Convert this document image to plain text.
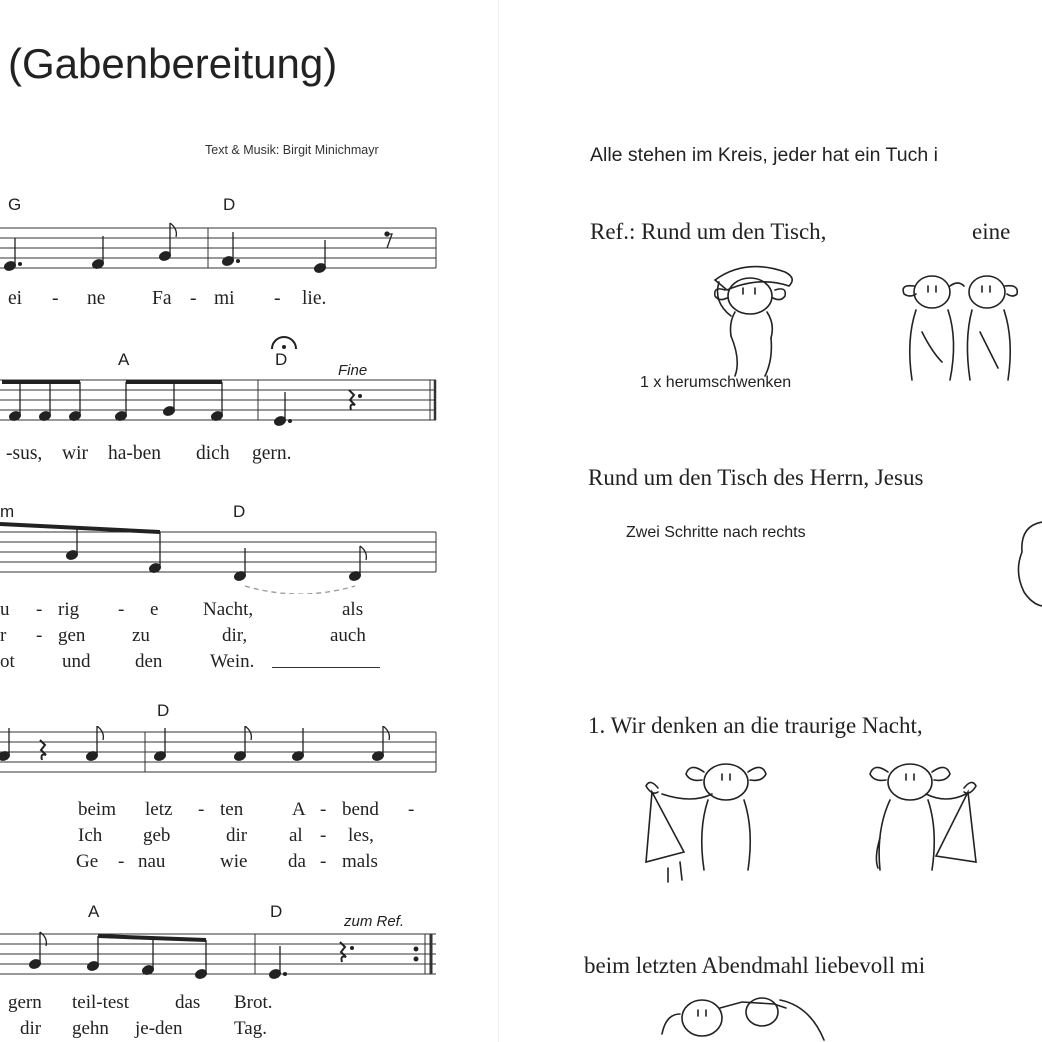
(Gabenbereitung)
Text & Musik: Birgit Minichmayr
G	D
ei - ne Fa - mi - lie.
A	D
Fine
-sus, wir ha-ben dich gern.
m	D
u - rig - e Nacht,	als
r - gen zu	dir,	auch
ot und den	Wein.
D
beim letz - ten	A - bend -
Ich geb	dir al - les,
Ge - nau	wie da - mals
A	D
zum Ref.
gern teil-test das Brot.
dir gehn je-den	Tag.
Alle stehen im Kreis, jeder hat ein Tuch i
Ref.: Rund um den Tisch,	eine
1 x herumschwenken
Rund um den Tisch des Herrn, Jesus
Zwei Schritte nach rechts
1. Wir denken an die traurige Nacht,
beim letzten Abendmahl liebevoll mi
